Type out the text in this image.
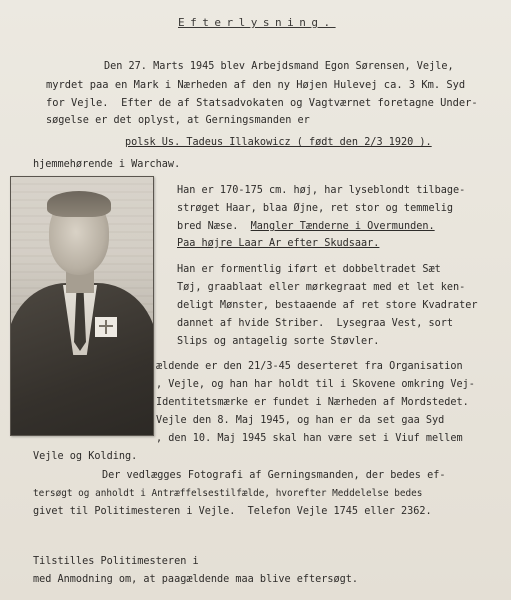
Efterlysning.
Den 27. Marts 1945 blev Arbejdsmand Egon Sørensen, Vejle,
myrdet paa en Mark i Nærheden af den ny Højen Hulevej ca. 3 Km. Syd
for Vejle.  Efter de af Statsadvokaten og Vagtværnet foretagne Under-
søgelse er det oplyst, at Gerningsmanden er
polsk Us. Tadeus Illakowicz ( født den 2/3 1920 ).
hjemmehørende i Warchaw.
Han er 170-175 cm. høj, har lyseblondt tilbage-
strøget Haar, blaa Øjne, ret stor og temmelig
bred Næse. Mangler Tænderne i Overmunden.
Paa højre Laar Ar efter Skudsaar.
Han er formentlig iført et dobbeltradet Sæt
Tøj, graablaat eller mørkegraat med et let ken-
deligt Mønster, bestaaende af ret store Kvadrater
dannet af hvide Striber.  Lysegraa Vest, sort
Slips og antagelig sorte Støvler.
ældende er den 21/3-45 deserteret fra Organisation
, Vejle, og han har holdt til i Skovene omkring Vej-
Identitetsmærke er fundet i Nærheden af Mordstedet.
Vejle den 8. Maj 1945, og han er da set gaa Syd
, den 10. Maj 1945 skal han være set i Viuf mellem
Vejle og Kolding.
Der vedlægges Fotografi af Gerningsmanden, der bedes ef-
tersøgt og anholdt i Antræffelsestilfælde, hvorefter Meddelelse bedes
givet til Politimesteren i Vejle.  Telefon Vejle 1745 eller 2362.
Tilstilles Politimesteren i
med Anmodning om, at paagældende maa blive eftersøgt.
